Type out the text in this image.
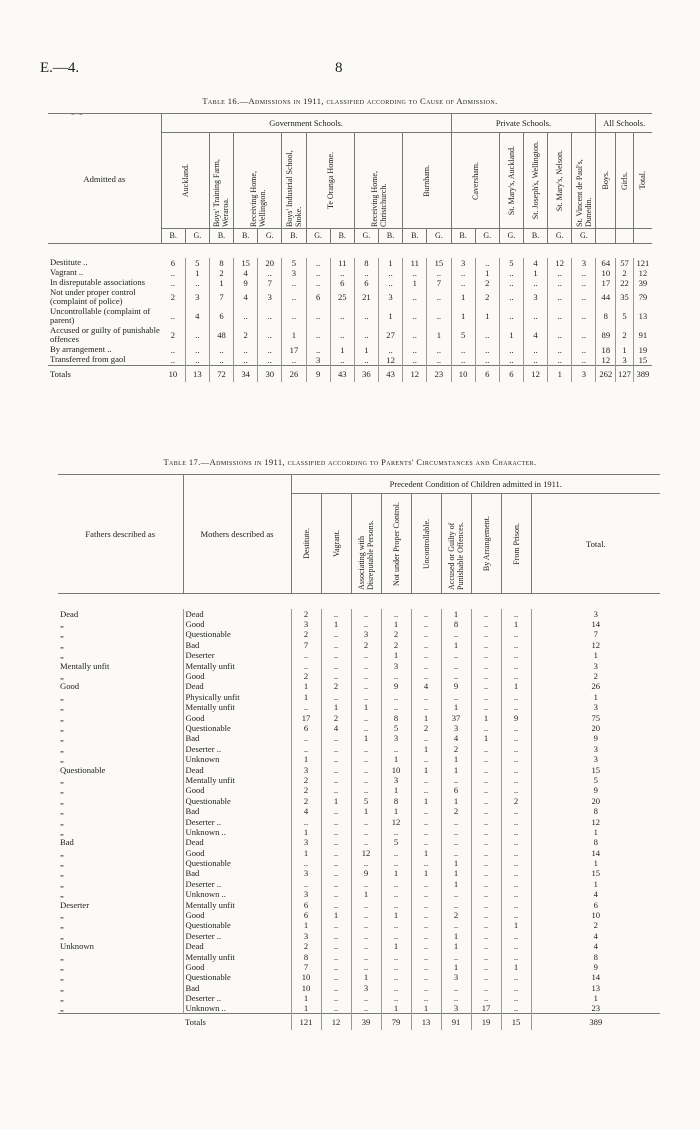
E.—4.	8
Table 16.—Admissions in 1911, classified according to Cause of Admission.
⁀
Admitted as	Government Schools.												Private Schools.						All Schools.		

	Auckland.		Boys' Training Farm, Weraroa.	Receiving Home, Wellington.		Boys' Industrial School, Stoke.	Te Oranga Home.		Receiving Home, Christchurch.		Burnham.		Caversham.		St. Mary's, Auckland.	St. Joseph's, Wellington.	St. Mary's, Nelson.	St. Vincent de Paul's, Dunedin.	Boys.	Girls.	Total.

	B.	G.	B.	B.	G.	B.	G.	B.	G.	B.	B.	G.	B.	G.	G.	B.	G.	G.			

Destitute ..	6	5	8	15	20	5	..	11	8	1	11	15	3	..	5	4	12	3	64	57	121
Vagrant ..	..	1	2	4	..	3	..	..	..	..	..	..	..	1	..	1	..	..	10	2	12
In disreputable associations	..	..	1	9	7	..	..	6	6	..	1	7	..	2	..	..	..	..	17	22	39
Not under proper control (complaint of police)	2	3	7	4	3	..	6	25	21	3	..	..	1	2	..	3	..	..	44	35	79
Uncontrollable (complaint of parent)	..	4	6	..	..	..	..	..	..	1	..	..	1	1	..	..	..	..	8	5	13
Accused or guilty of punishable offences	2	..	48	2	..	1	..	..	..	27	..	1	5	..	1	4	..	..	89	2	91
By arrangement ..	..	..	..	..	..	17	..	1	1	..	..	..	..	..	..	..	..	..	18	1	19
Transferred from gaol	..	..	..	..	..	..	3	..	..	12	..	..	..	..	..	..	..	..	12	3	15
Totals	10	13	72	34	30	26	9	43	36	43	12	23	10	6	6	12	1	3	262	127	389
Table 17.—Admissions in 1911, classified according to Parents' Circumstances and Character.
Fathers described as	Mothers described as	Precedent Condition of Children admitted in 1911.								

		Destitute.	Vagrant.	Associating with Disreputable Persons.	Not under Proper Control.	Uncontrollable.	Accused or Guilty of Punishable Offences.	By Arrangement.	From Prison.	Total.

Dead	Dead	2	..	..	..	..	1	..	..	3
„	Good	3	1	..	1	..	8	..	1	14
„	Questionable	2	..	3	2	..	..	..	..	7
„	Bad	7	..	2	2	..	1	..	..	12
„	Deserter	..	..	..	1	..	..	..	..	1
Mentally unfit	Mentally unfit	..	..	..	3	..	..	..	..	3
„	Good	2	..	..	..	..	..	..	..	2
Good	Dead	1	2	..	9	4	9	..	1	26
„	Physically unfit	1	..	..	..	..	..	..	..	1
„	Mentally unfit	..	1	1	..	..	1	..	..	3
„	Good	17	2	..	8	1	37	1	9	75
„	Questionable	6	4	..	5	2	3	..	..	20
„	Bad	..	..	1	3	..	4	1	..	9
„	Deserter ..	..	..	..	..	1	2	..	..	3
„	Unknown	1	..	..	1	..	1	..	..	3
Questionable	Dead	3	..	..	10	1	1	..	..	15
„	Mentally unfit	2	..	..	3	..	..	..	..	5
„	Good	2	..	..	1	..	6	..	..	9
„	Questionable	2	1	5	8	1	1	..	2	20
„	Bad	4	..	1	1	..	2	..	..	8
„	Deserter ..	..	..	..	12	..	..	..	..	12
„	Unknown ..	1	..	..	..	..	..	..	..	1
Bad	Dead	3	..	..	5	..	..	..	..	8
„	Good	1	..	12	..	1	..	..	..	14
„	Questionable	..	..	..	..	..	1	..	..	1
„	Bad	3	..	9	1	1	1	..	..	15
„	Deserter ..	..	..	..	..	..	1	..	..	1
„	Unknown ..	3	..	1	..	..	..	..	..	4
Deserter	Mentally unfit	6	..	..	..	..	..	..	..	6
„	Good	6	1	..	1	..	2	..	..	10
„	Questionable	1	..	..	..	..	..	..	1	2
„	Deserter ..	3	..	..	..	..	1	..	..	4
Unknown	Dead	2	..	..	1	..	1	..	..	4
„	Mentally unfit	8	..	..	..	..	..	..	..	8
„	Good	7	..	..	..	..	1	..	1	9
„	Questionable	10	..	1	..	..	3	..	..	14
„	Bad	10	..	3	..	..	..	..	..	13
„	Deserter ..	1	..	..	..	..	..	..	..	1
„	Unknown ..	1	..	..	1	1	3	17	..	23
	Totals	121	12	39	79	13	91	19	15	389
